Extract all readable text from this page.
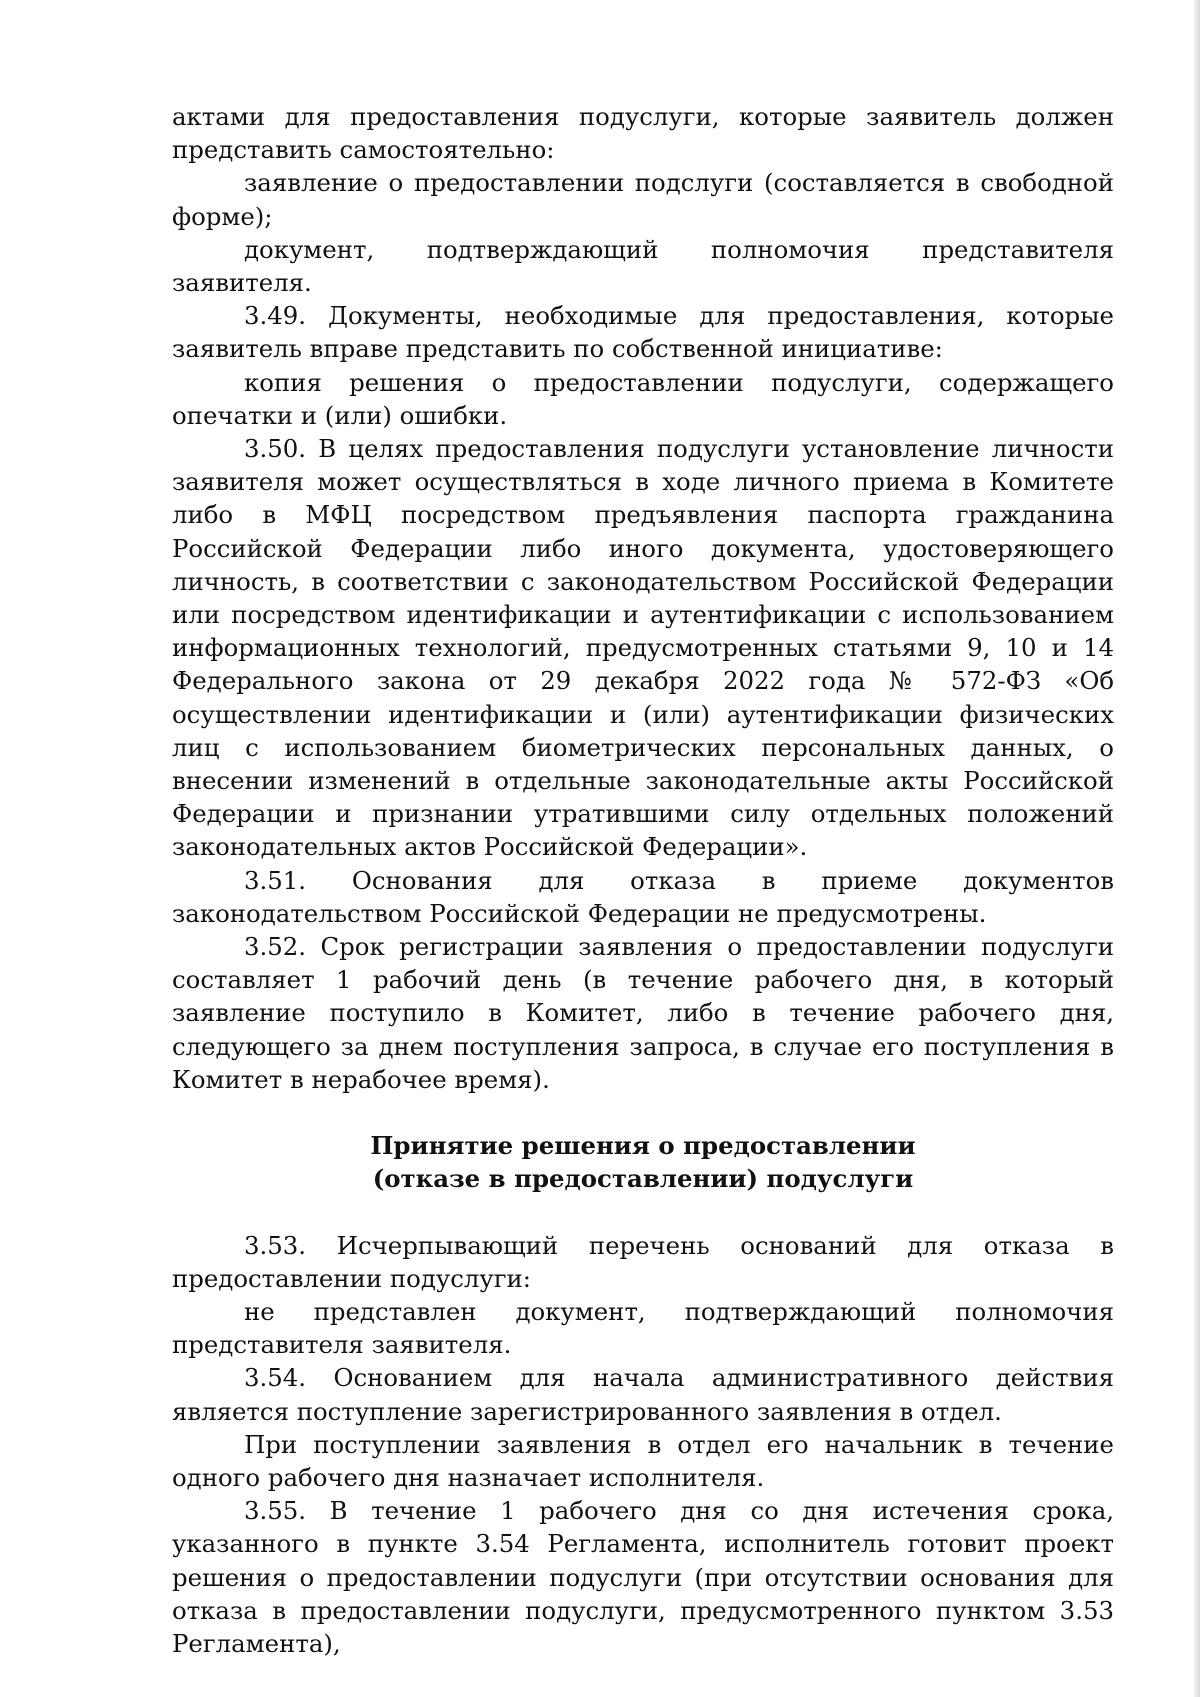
актами для предоставления подуслуги, которые заявитель должен представить самостоятельно:

заявление о предоставлении подслуги (составляется в свободной форме);

документ, подтверждающий полномочия представителя заявителя.

3.49. Документы, необходимые для предоставления, которые заявитель вправе представить по собственной инициативе:

копия решения о предоставлении подуслуги, содержащего опечатки и (или) ошибки.

3.50. В целях предоставления подуслуги установление личности заявителя может осуществляться в ходе личного приема в Комитете либо в МФЦ посредством предъявления паспорта гражданина Российской Федерации либо иного документа, удостоверяющего личность, в соответствии с законодательством Российской Федерации или посредством идентификации и аутентификации с использованием информационных технологий, предусмотренных статьями 9, 10 и 14 Федерального закона от 29 декабря 2022 года № 572-ФЗ «Об осуществлении идентификации и (или) аутентификации физических лиц с использованием биометрических персональных данных, о внесении изменений в отдельные законодательные акты Российской Федерации и признании утратившими силу отдельных положений законодательных актов Российской Федерации».

3.51. Основания для отказа в приеме документов законодательством Российской Федерации не предусмотрены.

3.52. Срок регистрации заявления о предоставлении подуслуги составляет 1 рабочий день (в течение рабочего дня, в который заявление поступило в Комитет, либо в течение рабочего дня, следующего за днем поступления запроса, в случае его поступления в Комитет в нерабочее время).

Принятие решения о предоставлении
(отказе в предоставлении) подуслуги

3.53. Исчерпывающий перечень оснований для отказа в предоставлении подуслуги:

не представлен документ, подтверждающий полномочия представителя заявителя.

3.54. Основанием для начала административного действия является поступление зарегистрированного заявления в отдел.

При поступлении заявления в отдел его начальник в течение одного рабочего дня назначает исполнителя.

3.55. В течение 1 рабочего дня со дня истечения срока, указанного в пункте 3.54 Регламента, исполнитель готовит проект решения о предоставлении подуслуги (при отсутствии основания для отказа в предоставлении подуслуги, предусмотренного пунктом 3.53 Регламента),
